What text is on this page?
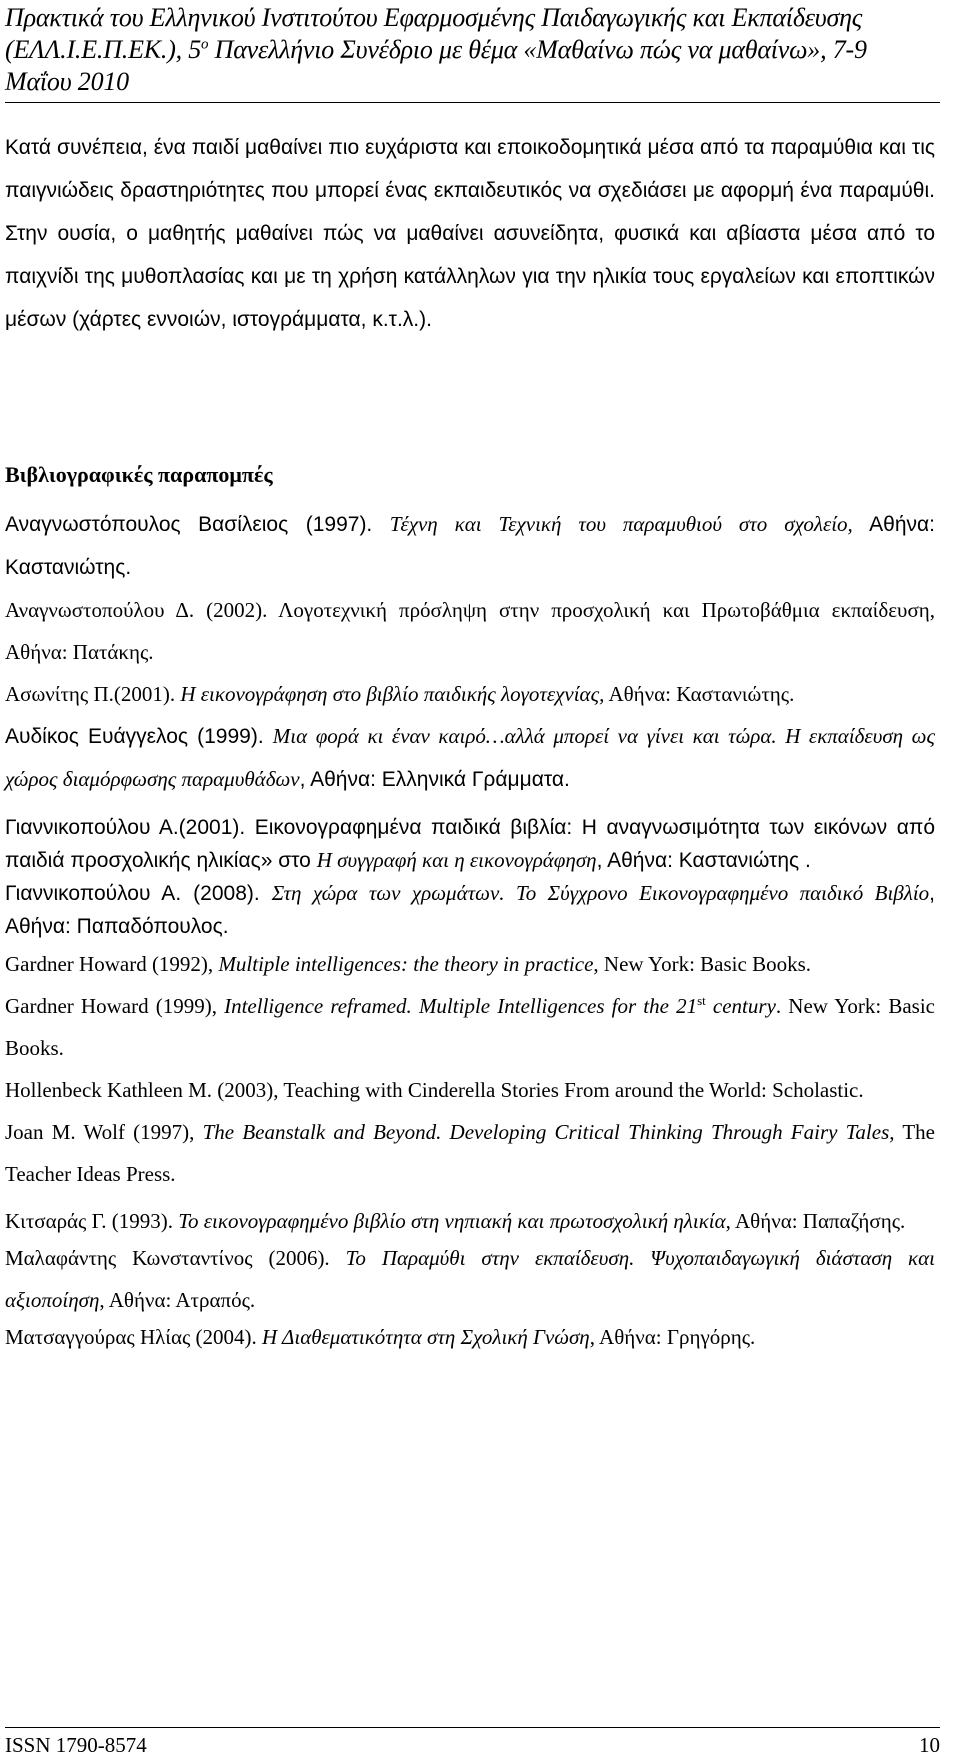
Πρακτικά του Ελληνικού Ινστιτούτου Εφαρμοσμένης Παιδαγωγικής και Εκπαίδευσης
(ΕΛΛ.Ι.Ε.Π.ΕΚ.), $5^o$ Πανελλήνιο Συνέδριο με θέμα «Μαθαίνω πώς να μαθαίνω», 7-9
Μαΐου 2010
Κατά συνέπεια, ένα παιδί μαθαίνει πιο ευχάριστα και εποικοδομητικά μέσα από τα παραμύθια και τις παιγνιώδεις δραστηριότητες που μπορεί ένας εκπαιδευτικός να σχεδιάσει με αφορμή ένα παραμύθι. Στην ουσία, ο μαθητής μαθαίνει πώς να μαθαίνει ασυνείδητα, φυσικά και αβίαστα μέσα από το παιχνίδι της μυθοπλασίας και με τη χρήση κατάλληλων για την ηλικία τους εργαλείων και εποπτικών μέσων (χάρτες εννοιών, ιστογράμματα, κ.τ.λ.).
Βιβλιογραφικές παραπομπές
Αναγνωστόπουλος Βασίλειος (1997). Τέχνη και Τεχνική του παραμυθιού στο σχολείο, Αθήνα: Καστανιώτης.
Αναγνωστοπούλου Δ. (2002). Λογοτεχνική πρόσληψη στην προσχολική και Πρωτοβάθμια εκπαίδευση, Αθήνα: Πατάκης.
Ασωνίτης Π.(2001). Η εικονογράφηση στο βιβλίο παιδικής λογοτεχνίας, Αθήνα: Καστανιώτης.
Αυδίκος Ευάγγελος (1999). Μια φορά κι έναν καιρό…αλλά μπορεί να γίνει και τώρα. Η εκπαίδευση ως χώρος διαμόρφωσης παραμυθάδων, Αθήνα: Ελληνικά Γράμματα.
Γιαννικοπούλου Α.(2001). Εικονογραφημένα παιδικά βιβλία: Η αναγνωσιμότητα των εικόνων από παιδιά προσχολικής ηλικίας» στο Η συγγραφή και η εικονογράφηση, Αθήνα: Καστανιώτης .
Γιαννικοπούλου Α. (2008). Στη χώρα των χρωμάτων. Το Σύγχρονο Εικονογραφημένο παιδικό Βιβλίο, Αθήνα: Παπαδόπουλος.
Gardner Howard (1992), Multiple intelligences: the theory in practice, New York: Basic Books.
Gardner Howard (1999), Intelligence reframed. Multiple Intelligences for the 21st century. New York: Basic Books.
Hollenbeck Kathleen M. (2003), Teaching with Cinderella Stories From around the World: Scholastic.
Joan M. Wolf (1997), The Beanstalk and Beyond. Developing Critical Thinking Through Fairy Tales, The Teacher Ideas Press.
Κιτσαράς Γ. (1993). Το εικονογραφημένο βιβλίο στη νηπιακή και πρωτοσχολική ηλικία, Αθήνα: Παπαζήσης.
Μαλαφάντης Κωνσταντίνος (2006). Το Παραμύθι στην εκπαίδευση. Ψυχοπαιδαγωγική διάσταση και αξιοποίηση, Αθήνα: Ατραπός.
Ματσαγγούρας Ηλίας (2004). Η Διαθεματικότητα στη Σχολική Γνώση, Αθήνα: Γρηγόρης.
ISSN 1790-8574	10
